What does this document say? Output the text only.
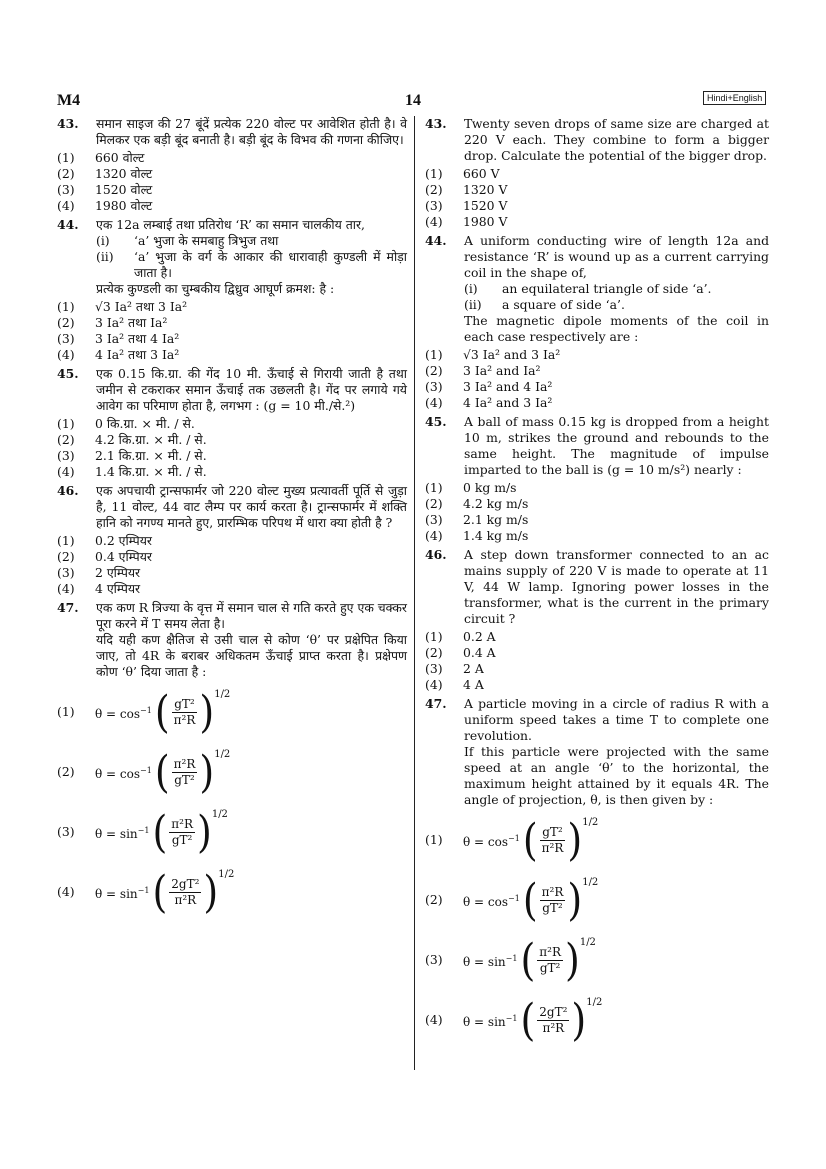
M4	14	Hindi+English
43. समान साइज की 27 बूंदें प्रत्येक 220 वोल्ट पर आवेशित होती है। वे मिलकर एक बड़ी बूंद बनाती है। बड़ी बूंद के विभव की गणना कीजिए।
(1)	660 वोल्ट
(2)	1320 वोल्ट
(3)	1520 वोल्ट
(4)	1980 वोल्ट
44. एक 12a लम्बाई तथा प्रतिरोध ‘R’ का समान चालकीय तार,
(i)	‘a’ भुजा के समबाहु त्रिभुज तथा
(ii)	‘a’ भुजा के वर्ग के आकार की धारावाही कुण्डली में मोड़ा जाता है।
प्रत्येक कुण्डली का चुम्बकीय द्विध्रुव आघूर्ण क्रमश: है :
(1)	√3 Ia² तथा 3 Ia²
(2)	3 Ia² तथा Ia²
(3)	3 Ia² तथा 4 Ia²
(4)	4 Ia² तथा 3 Ia²
45. एक 0.15 कि.ग्रा. की गेंद 10 मी. ऊँचाई से गिरायी जाती है तथा जमीन से टकराकर समान ऊँचाई तक उछलती है। गेंद पर लगाये गये आवेग का परिमाण होता है, लगभग : (g = 10 मी./से.²)
(1)	0 कि.ग्रा. × मी. / से.
(2)	4.2 कि.ग्रा. × मी. / से.
(3)	2.1 कि.ग्रा. × मी. / से.
(4)	1.4 कि.ग्रा. × मी. / से.
46. एक अपचायी ट्रान्सफार्मर जो 220 वोल्ट मुख्य प्रत्यावर्ती पूर्ति से जुड़ा है, 11 वोल्ट, 44 वाट लैम्प पर कार्य करता है। ट्रान्सफार्मर में शक्ति हानि को नगण्य मानते हुए, प्रारम्भिक परिपथ में धारा क्या होती है ?
(1)	0.2 एम्पियर
(2)	0.4 एम्पियर
(3)	2 एम्पियर
(4)	4 एम्पियर
47. एक कण R त्रिज्या के वृत्त में समान चाल से गति करते हुए एक चक्कर पूरा करने में T समय लेता है।
यदि यही कण क्षैतिज से उसी चाल से कोण ‘θ’ पर प्रक्षेपित किया जाए, तो 4R के बराबर अधिकतम ऊँचाई प्राप्त करता है। प्रक्षेपण कोण ‘θ’ दिया जाता है :
(1)	$\theta = \cos^{-1}$ ( $\frac{\text{gT²}}{\text{π²R}}$ ) 1/2
(2)	$\theta = \cos^{-1}$ ( $\frac{\text{π²R}}{\text{gT²}}$ ) 1/2
(3)	$\theta = \sin^{-1}$ ( $\frac{\text{π²R}}{\text{gT²}}$ ) 1/2
(4)	$\theta = \sin^{-1}$ ( $\frac{\text{2gT²}}{\text{π²R}}$ ) 1/2
43. Twenty seven drops of same size are charged at 220 V each. They combine to form a bigger drop. Calculate the potential of the bigger drop.
(1)	660 V
(2)	1320 V
(3)	1520 V
(4)	1980 V
44. A uniform conducting wire of length 12a and resistance ‘R’ is wound up as a current carrying coil in the shape of,
(i)	an equilateral triangle of side ‘a’.
(ii)	a square of side ‘a’.
The magnetic dipole moments of the coil in each case respectively are :
(1)	√3 Ia² and 3 Ia²
(2)	3 Ia² and Ia²
(3)	3 Ia² and 4 Ia²
(4)	4 Ia² and 3 Ia²
45. A ball of mass 0.15 kg is dropped from a height 10 m, strikes the ground and rebounds to the same height. The magnitude of impulse imparted to the ball is (g = 10 m/s²) nearly :
(1)	0 kg m/s
(2)	4.2 kg m/s
(3)	2.1 kg m/s
(4)	1.4 kg m/s
46. A step down transformer connected to an ac mains supply of 220 V is made to operate at 11 V, 44 W lamp. Ignoring power losses in the transformer, what is the current in the primary circuit ?
(1)	0.2 A
(2)	0.4 A
(3)	2 A
(4)	4 A
47. A particle moving in a circle of radius R with a uniform speed takes a time T to complete one revolution.
If this particle were projected with the same speed at an angle ‘θ’ to the horizontal, the maximum height attained by it equals 4R. The angle of projection, θ, is then given by :
(1)	$\theta = \cos^{-1}$ ( $\frac{\text{gT²}}{\text{π²R}}$ ) 1/2
(2)	$\theta = \cos^{-1}$ ( $\frac{\text{π²R}}{\text{gT²}}$ ) 1/2
(3)	$\theta = \sin^{-1}$ ( $\frac{\text{π²R}}{\text{gT²}}$ ) 1/2
(4)	$\theta = \sin^{-1}$ ( $\frac{\text{2gT²}}{\text{π²R}}$ ) 1/2
